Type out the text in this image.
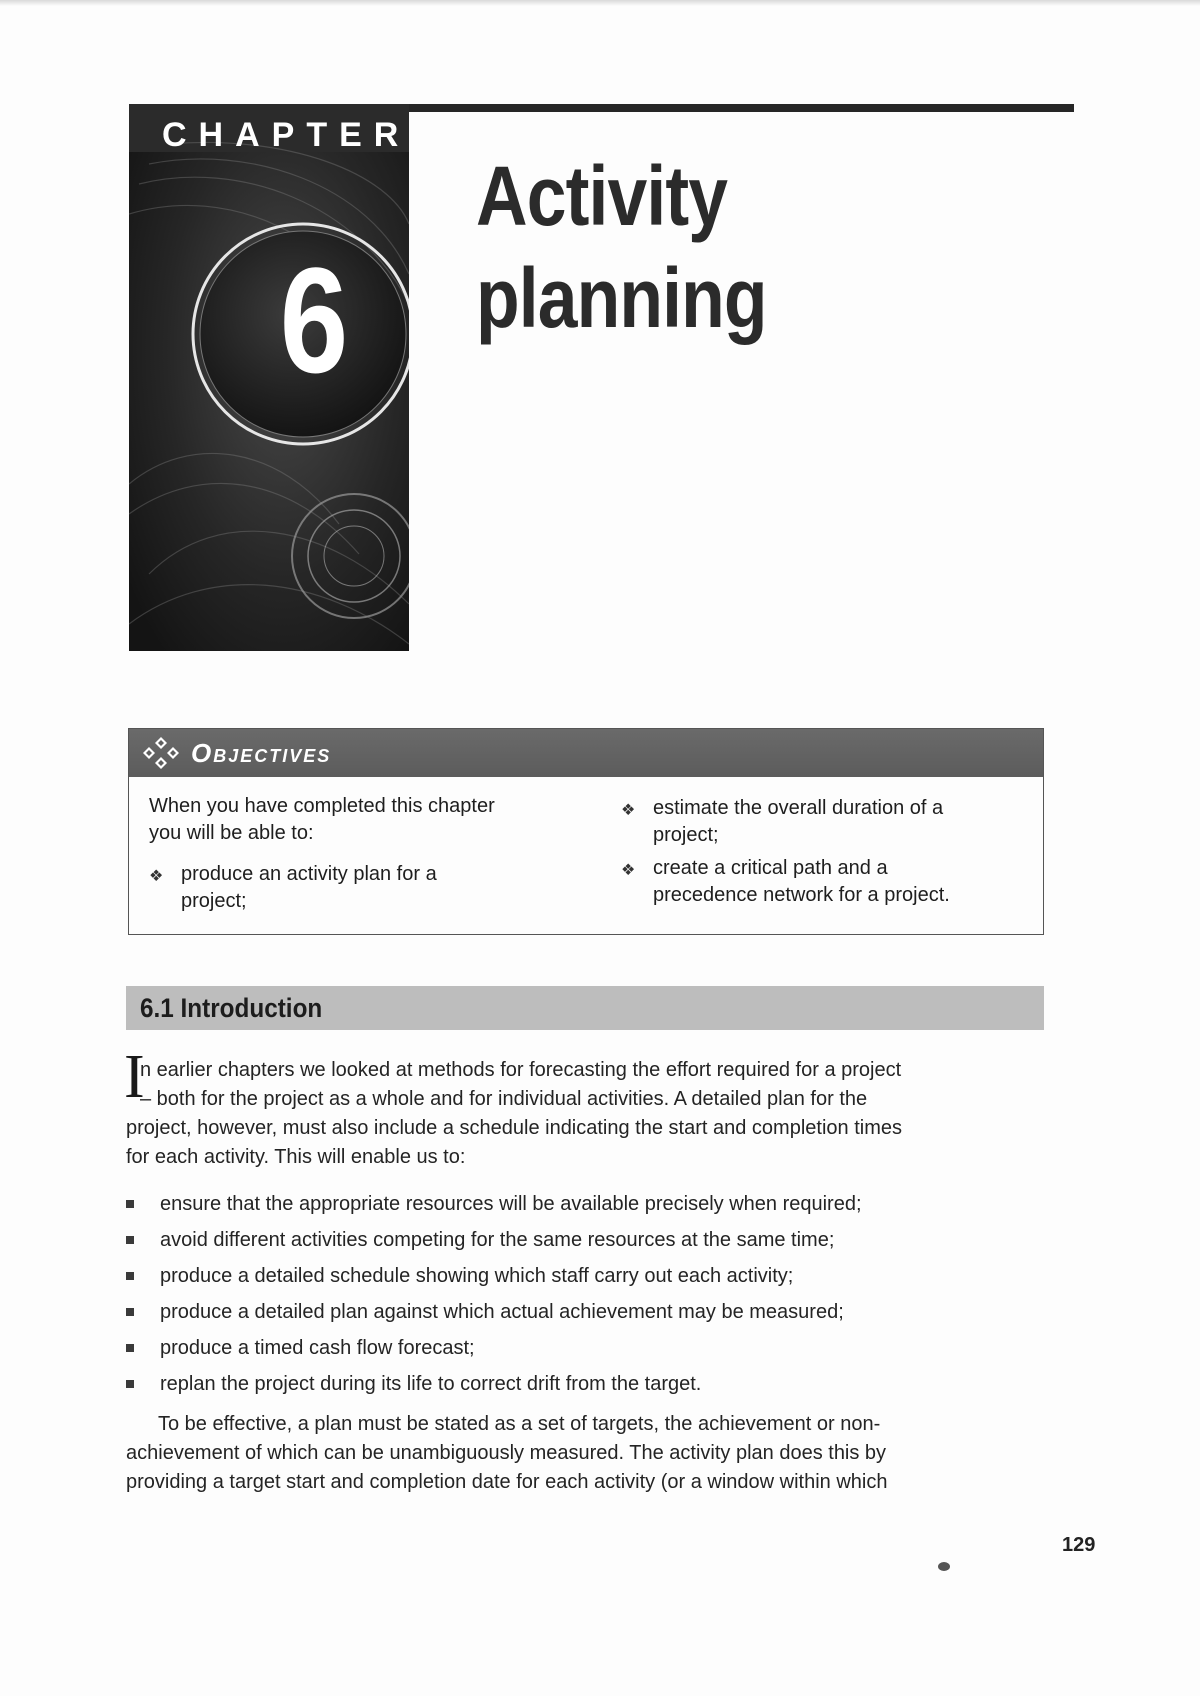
CHAPTER
6
Activity
planning
Objectives
When you have completed this chapter
you will be able to:
❖ produce an activity plan for a
project;
❖ estimate the overall duration of a
project;
❖ create a critical path and a
precedence network for a project.
6.1 Introduction
I
n earlier chapters we looked at methods for forecasting the effort required for a project
– both for the project as a whole and for individual activities. A detailed plan for the
project, however, must also include a schedule indicating the start and completion times
for each activity. This will enable us to:
ensure that the appropriate resources will be available precisely when required;
avoid different activities competing for the same resources at the same time;
produce a detailed schedule showing which staff carry out each activity;
produce a detailed plan against which actual achievement may be measured;
produce a timed cash flow forecast;
replan the project during its life to correct drift from the target.
To be effective, a plan must be stated as a set of targets, the achievement or non-
achievement of which can be unambiguously measured. The activity plan does this by
providing a target start and completion date for each activity (or a window within which
129
